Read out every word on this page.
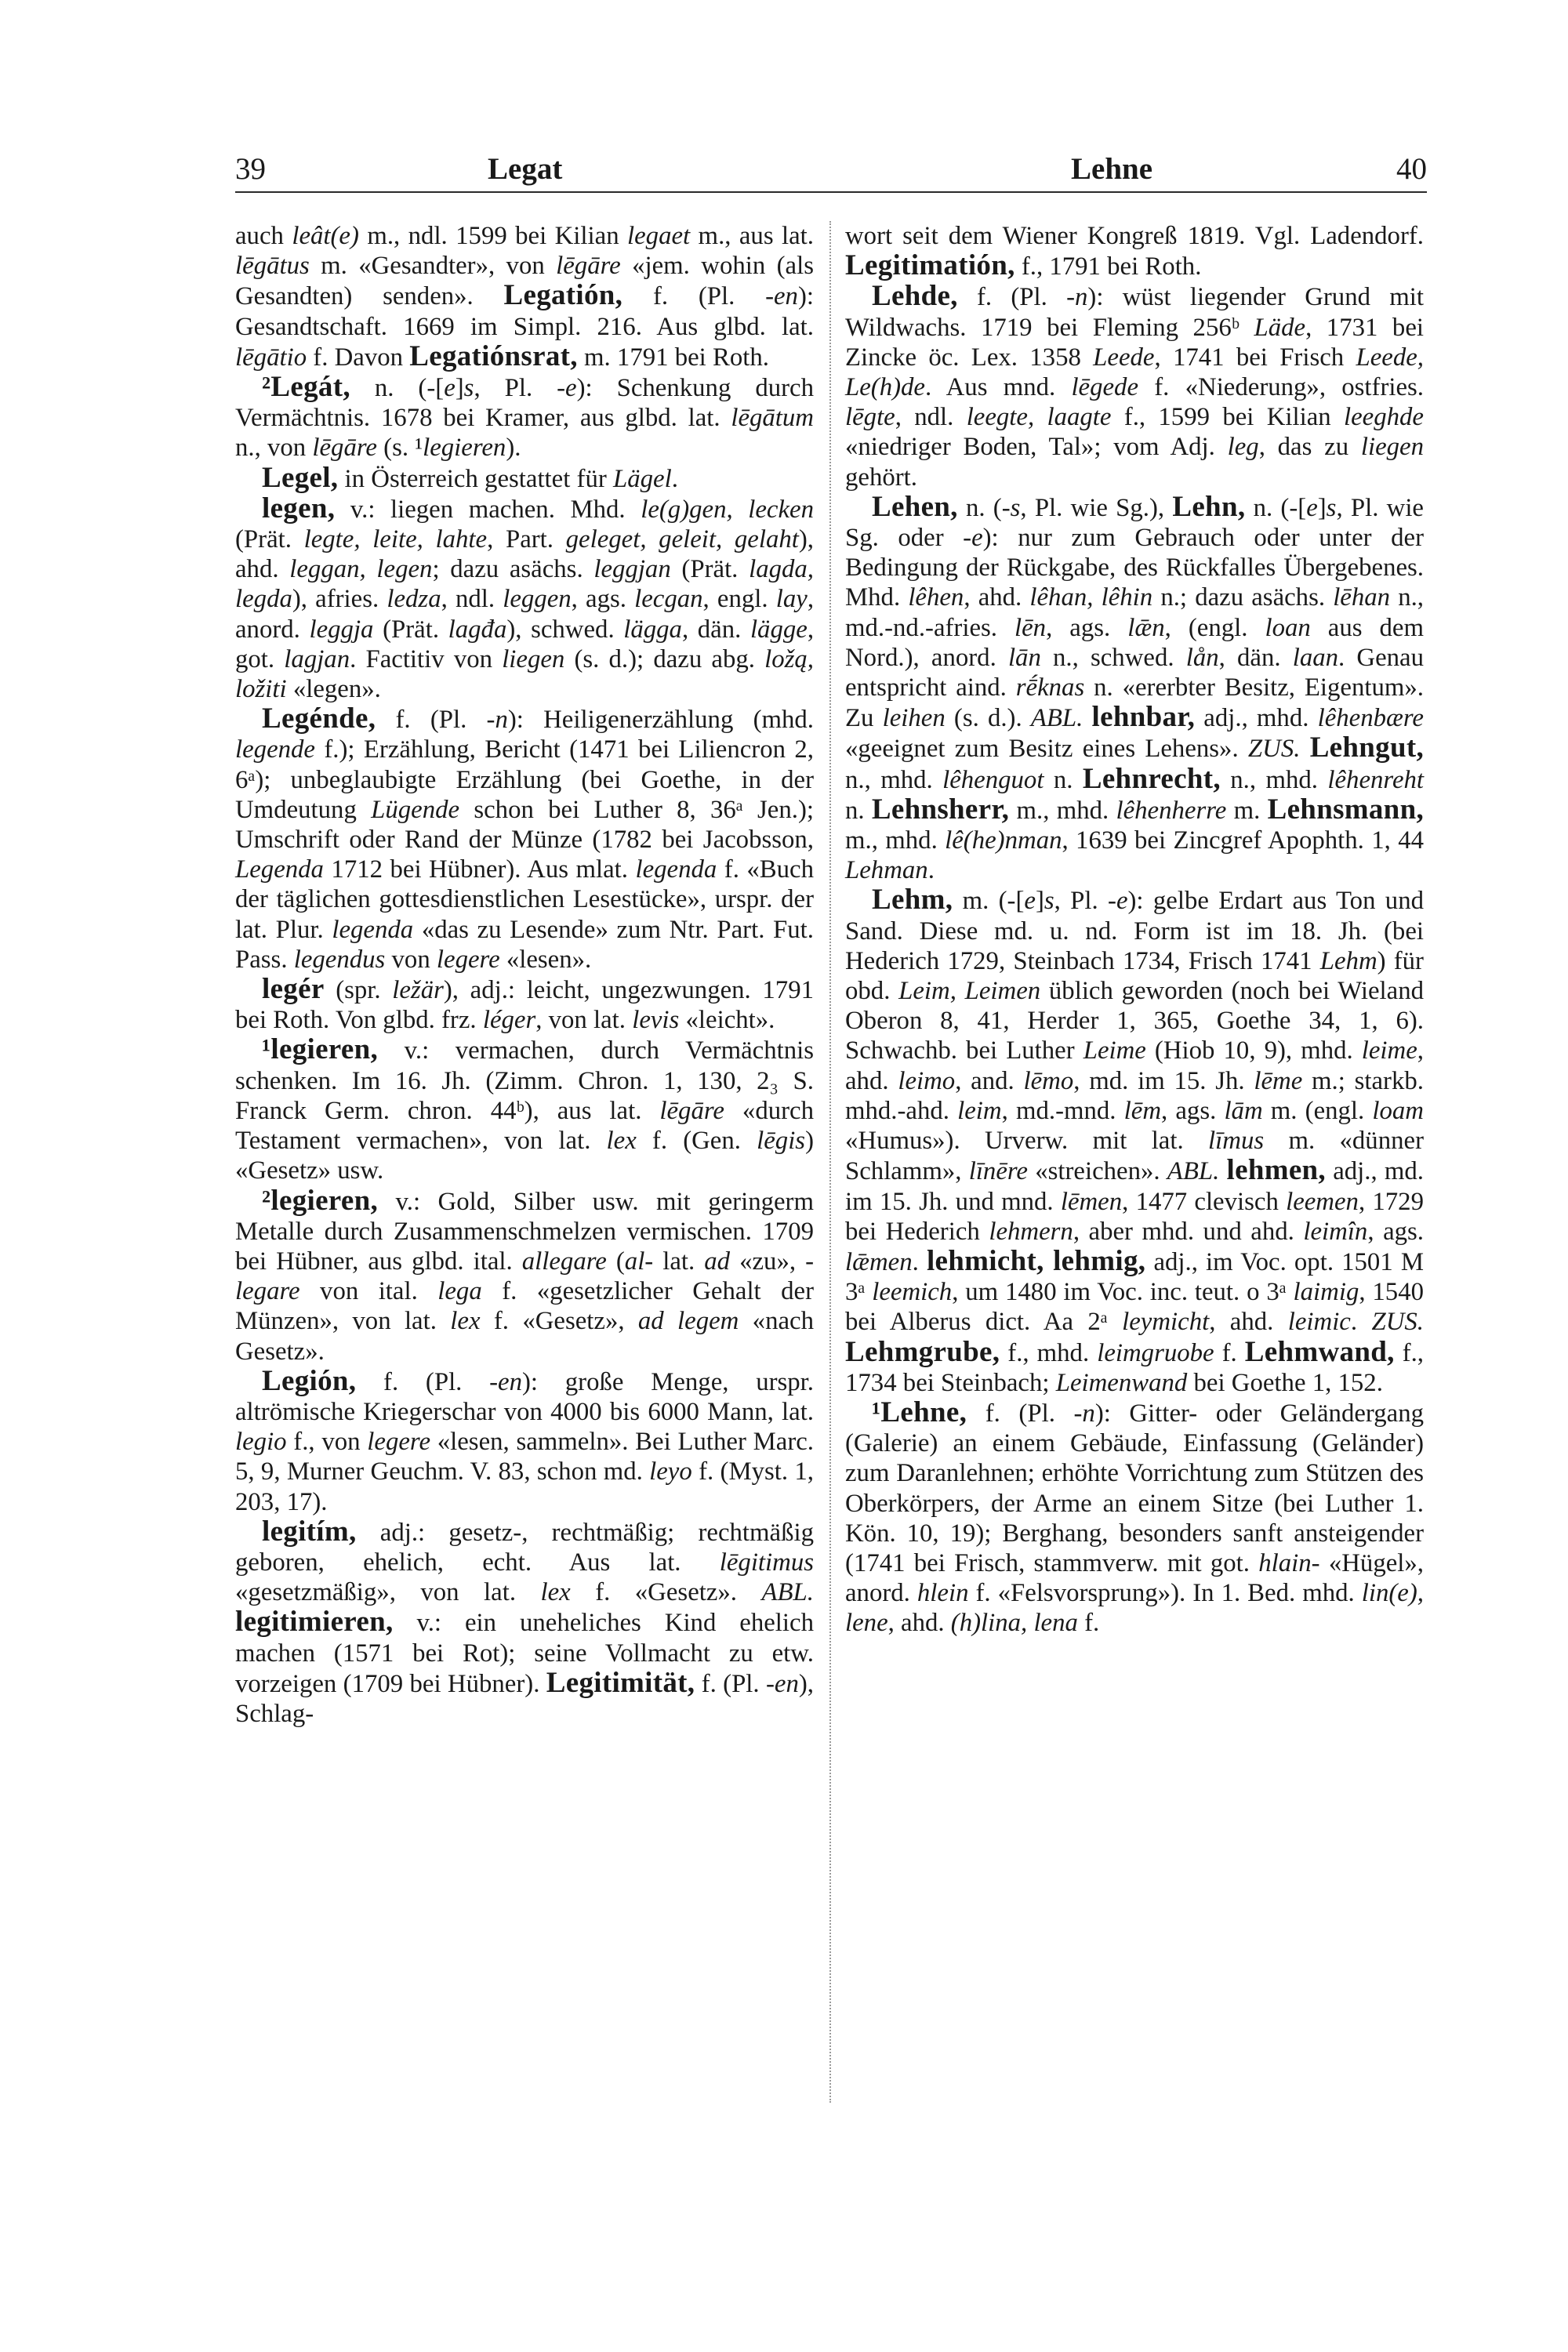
39	Legat	Lehne	40

auch leât(e) m., ndl. 1599 bei Kilian legaet m., aus lat. lēgātus m. «Gesandter», von lēgāre «jem. wohin (als Gesandten) senden». Legatión, f. (Pl. -en): Gesandtschaft. 1669 im Simpl. 216. Aus glbd. lat. lēgātio f. Davon Legatiónsrat, m. 1791 bei Roth.

²Legát, n. (-[e]s, Pl. -e): Schenkung durch Vermächtnis. 1678 bei Kramer, aus glbd. lat. lēgātum n., von lēgāre (s. ¹legieren).

Legel, in Österreich gestattet für Lägel.

legen, v.: liegen machen. Mhd. le(g)gen, lecken (Prät. legte, leite, lahte, Part. geleget, geleit, gelaht), ahd. leggan, legen; dazu asächs. leggjan (Prät. lagda, legda), afries. ledza, ndl. leggen, ags. lecgan, engl. lay, anord. leggja (Prät. lagđa), schwed. lägga, dän. lägge, got. lagjan. Factitiv von liegen (s. d.); dazu abg. ložą, ložiti «legen».

Legénde, f. (Pl. -n): Heiligenerzählung (mhd. legende f.); Erzählung, Bericht (1471 bei Liliencron 2, 6ᵃ); unbeglaubigte Erzählung (bei Goethe, in der Umdeutung Lügende schon bei Luther 8, 36ᵃ Jen.); Umschrift oder Rand der Münze (1782 bei Jacobsson, Legenda 1712 bei Hübner). Aus mlat. legenda f. «Buch der täglichen gottesdienstlichen Lesestücke», urspr. der lat. Plur. legenda «das zu Lesende» zum Ntr. Part. Fut. Pass. legendus von legere «lesen».

legér (spr. ležär), adj.: leicht, ungezwungen. 1791 bei Roth. Von glbd. frz. léger, von lat. levis «leicht».

¹legieren, v.: vermachen, durch Vermächtnis schenken. Im 16. Jh. (Zimm. Chron. 1, 130, 2₃ S. Franck Germ. chron. 44ᵇ), aus lat. lēgāre «durch Testament vermachen», von lat. lex f. (Gen. lēgis) «Gesetz» usw.

²legieren, v.: Gold, Silber usw. mit geringerm Metalle durch Zusammenschmelzen vermischen. 1709 bei Hübner, aus glbd. ital. allegare (al- lat. ad «zu», -legare von ital. lega f. «gesetzlicher Gehalt der Münzen», von lat. lex f. «Gesetz», ad legem «nach Gesetz».

Legión, f. (Pl. -en): große Menge, urspr. altrömische Kriegerschar von 4000 bis 6000 Mann, lat. legio f., von legere «lesen, sammeln». Bei Luther Marc. 5, 9, Murner Geuchm. V. 83, schon md. leyo f. (Myst. 1, 203, 17).

legitím, adj.: gesetz-, rechtmäßig; rechtmäßig geboren, ehelich, echt. Aus lat. lēgitimus «gesetzmäßig», von lat. lex f. «Gesetz». ABL. legitimieren, v.: ein uneheliches Kind ehelich machen (1571 bei Rot); seine Vollmacht zu etw. vorzeigen (1709 bei Hübner). Legitimität, f. (Pl. -en), Schlag-

wort seit dem Wiener Kongreß 1819. Vgl. Ladendorf. Legitimatión, f., 1791 bei Roth.

Lehde, f. (Pl. -n): wüst liegender Grund mit Wildwachs. 1719 bei Fleming 256ᵇ Läde, 1731 bei Zincke öc. Lex. 1358 Leede, 1741 bei Frisch Leede, Le(h)de. Aus mnd. lēgede f. «Niederung», ostfries. lēgte, ndl. leegte, laagte f., 1599 bei Kilian leeghde «niedriger Boden, Tal»; vom Adj. leg, das zu liegen gehört.

Lehen, n. (-s, Pl. wie Sg.), Lehn, n. (-[e]s, Pl. wie Sg. oder -e): nur zum Gebrauch oder unter der Bedingung der Rückgabe, des Rückfalles Übergebenes. Mhd. lêhen, ahd. lêhan, lêhin n.; dazu asächs. lēhan n., md.-nd.-afries. lēn, ags. lǣn, (engl. loan aus dem Nord.), anord. lān n., schwed. lån, dän. laan. Genau entspricht aind. rḗknas n. «ererbter Besitz, Eigentum». Zu leihen (s. d.). ABL. lehnbar, adj., mhd. lêhenbære «geeignet zum Besitz eines Lehens». ZUS. Lehngut, n., mhd. lêhenguot n. Lehnrecht, n., mhd. lêhenreht n. Lehnsherr, m., mhd. lêhenherre m. Lehnsmann, m., mhd. lê(he)nman, 1639 bei Zincgref Apophth. 1, 44 Lehman.

Lehm, m. (-[e]s, Pl. -e): gelbe Erdart aus Ton und Sand. Diese md. u. nd. Form ist im 18. Jh. (bei Hederich 1729, Steinbach 1734, Frisch 1741 Lehm) für obd. Leim, Leimen üblich geworden (noch bei Wieland Oberon 8, 41, Herder 1, 365, Goethe 34, 1, 6). Schwachb. bei Luther Leime (Hiob 10, 9), mhd. leime, ahd. leimo, and. lēmo, md. im 15. Jh. lēme m.; starkb. mhd.-ahd. leim, md.-mnd. lēm, ags. lām m. (engl. loam «Humus»). Urverw. mit lat. līmus m. «dünner Schlamm», līnēre «streichen». ABL. lehmen, adj., md. im 15. Jh. und mnd. lēmen, 1477 clevisch leemen, 1729 bei Hederich lehmern, aber mhd. und ahd. leimîn, ags. lǣmen. lehmicht, lehmig, adj., im Voc. opt. 1501 M 3ᵃ leemich, um 1480 im Voc. inc. teut. o 3ᵃ laimig, 1540 bei Alberus dict. Aa 2ᵃ leymicht, ahd. leimic. ZUS. Lehmgrube, f., mhd. leimgruobe f. Lehmwand, f., 1734 bei Steinbach; Leimenwand bei Goethe 1, 152.

¹Lehne, f. (Pl. -n): Gitter- oder Geländergang (Galerie) an einem Gebäude, Einfassung (Geländer) zum Daranlehnen; erhöhte Vorrichtung zum Stützen des Oberkörpers, der Arme an einem Sitze (bei Luther 1. Kön. 10, 19); Berghang, besonders sanft ansteigender (1741 bei Frisch, stammverw. mit got. hlain- «Hügel», anord. hlein f. «Felsvorsprung»). In 1. Bed. mhd. lin(e), lene, ahd. (h)lina, lena f.
